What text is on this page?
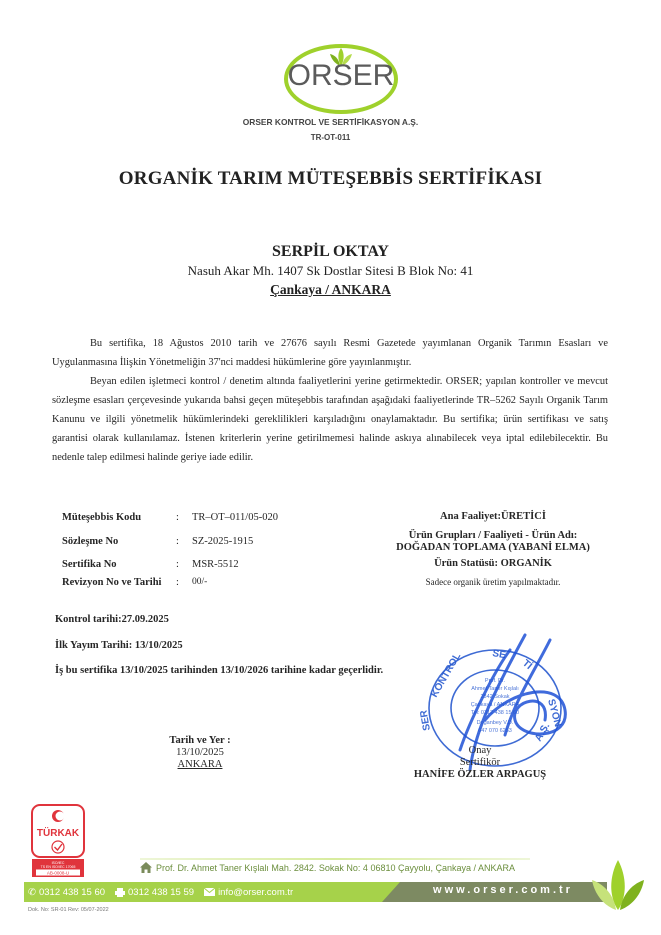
ORSER
ORSER KONTROL VE SERTİFİKASYON A.Ş.
TR-OT-011
ORGANİK TARIM MÜTEŞEBBİS SERTİFİKASI
SERPİL OKTAY
Nasuh Akar Mh. 1407 Sk Dostlar Sitesi B Blok No: 41
Çankaya / ANKARA
Bu sertifika, 18 Ağustos 2010 tarih ve 27676 sayılı Resmi Gazetede yayımlanan Organik Tarımın Esasları ve Uygulanmasına İlişkin Yönetmeliğin 37'nci maddesi hükümlerine göre yayınlanmıştır.
Beyan edilen işletmeci kontrol / denetim altında faaliyetlerini yerine getirmektedir. ORSER; yapılan kontroller ve mevcut sözleşme esasları çerçevesinde yukarıda bahsi geçen müteşebbis tarafından aşağıdaki faaliyetlerinde TR–5262 Sayılı Organik Tarım Kanunu ve ilgili yönetmelik hükümlerindeki gereklilikleri karşıladığını onaylamaktadır. Bu sertifika; ürün sertifikası ve satış garantisi olarak kullanılamaz. İstenen kriterlerin yerine getirilmemesi halinde askıya alınabilecek veya iptal edilebilecektir. Bu nedenle talep edilmesi halinde geriye iade edilir.
Müteşebbis Kodu	:	TR–OT–011/05-020
Sözleşme No	:	SZ-2025-1915
Sertifika No	:	MSR-5512
Revizyon No ve Tarihi	:	00/-
Ana Faaliyet:ÜRETİCİ
Ürün Grupları / Faaliyeti - Ürün Adı:
DOĞADAN TOPLAMA (YABANİ ELMA)
Ürün Statüsü: ORGANİK
Sadece organik üretim yapılmaktadır.
Kontrol tarihi:27.09.2025
İlk Yayım Tarihi: 13/10/2025
İş bu sertifika 13/10/2025 tarihinden 13/10/2026 tarihine kadar geçerlidir.
Tarih ve Yer :
13/10/2025
ANKARA
KONTROL	SE
Tİ
SYON
A.Ş.
SER
Prof. Dr.
Ahmet Taner Kışlalı
2842 Sokak
Çankaya / ANKARA
Tel: 0312 438 15 60
Doğanbey V.D.
647 070 6253
Onay
Sertifikör
HANİFE ÖZLER ARPAGUŞ
TÜRKAK
ISO/IEC
TS EN ISO/IEC 17065
AB-0008-U
Prof. Dr. Ahmet Taner Kışlalı Mah. 2842. Sokak No: 4 06810 Çayyolu, Çankaya / ANKARA
✆ 0312 438 15 60 0312 438 15 59	info@orser.com.tr	www.orser.com.tr
Dok. No: SR-01 Rev: 05/07-2022
